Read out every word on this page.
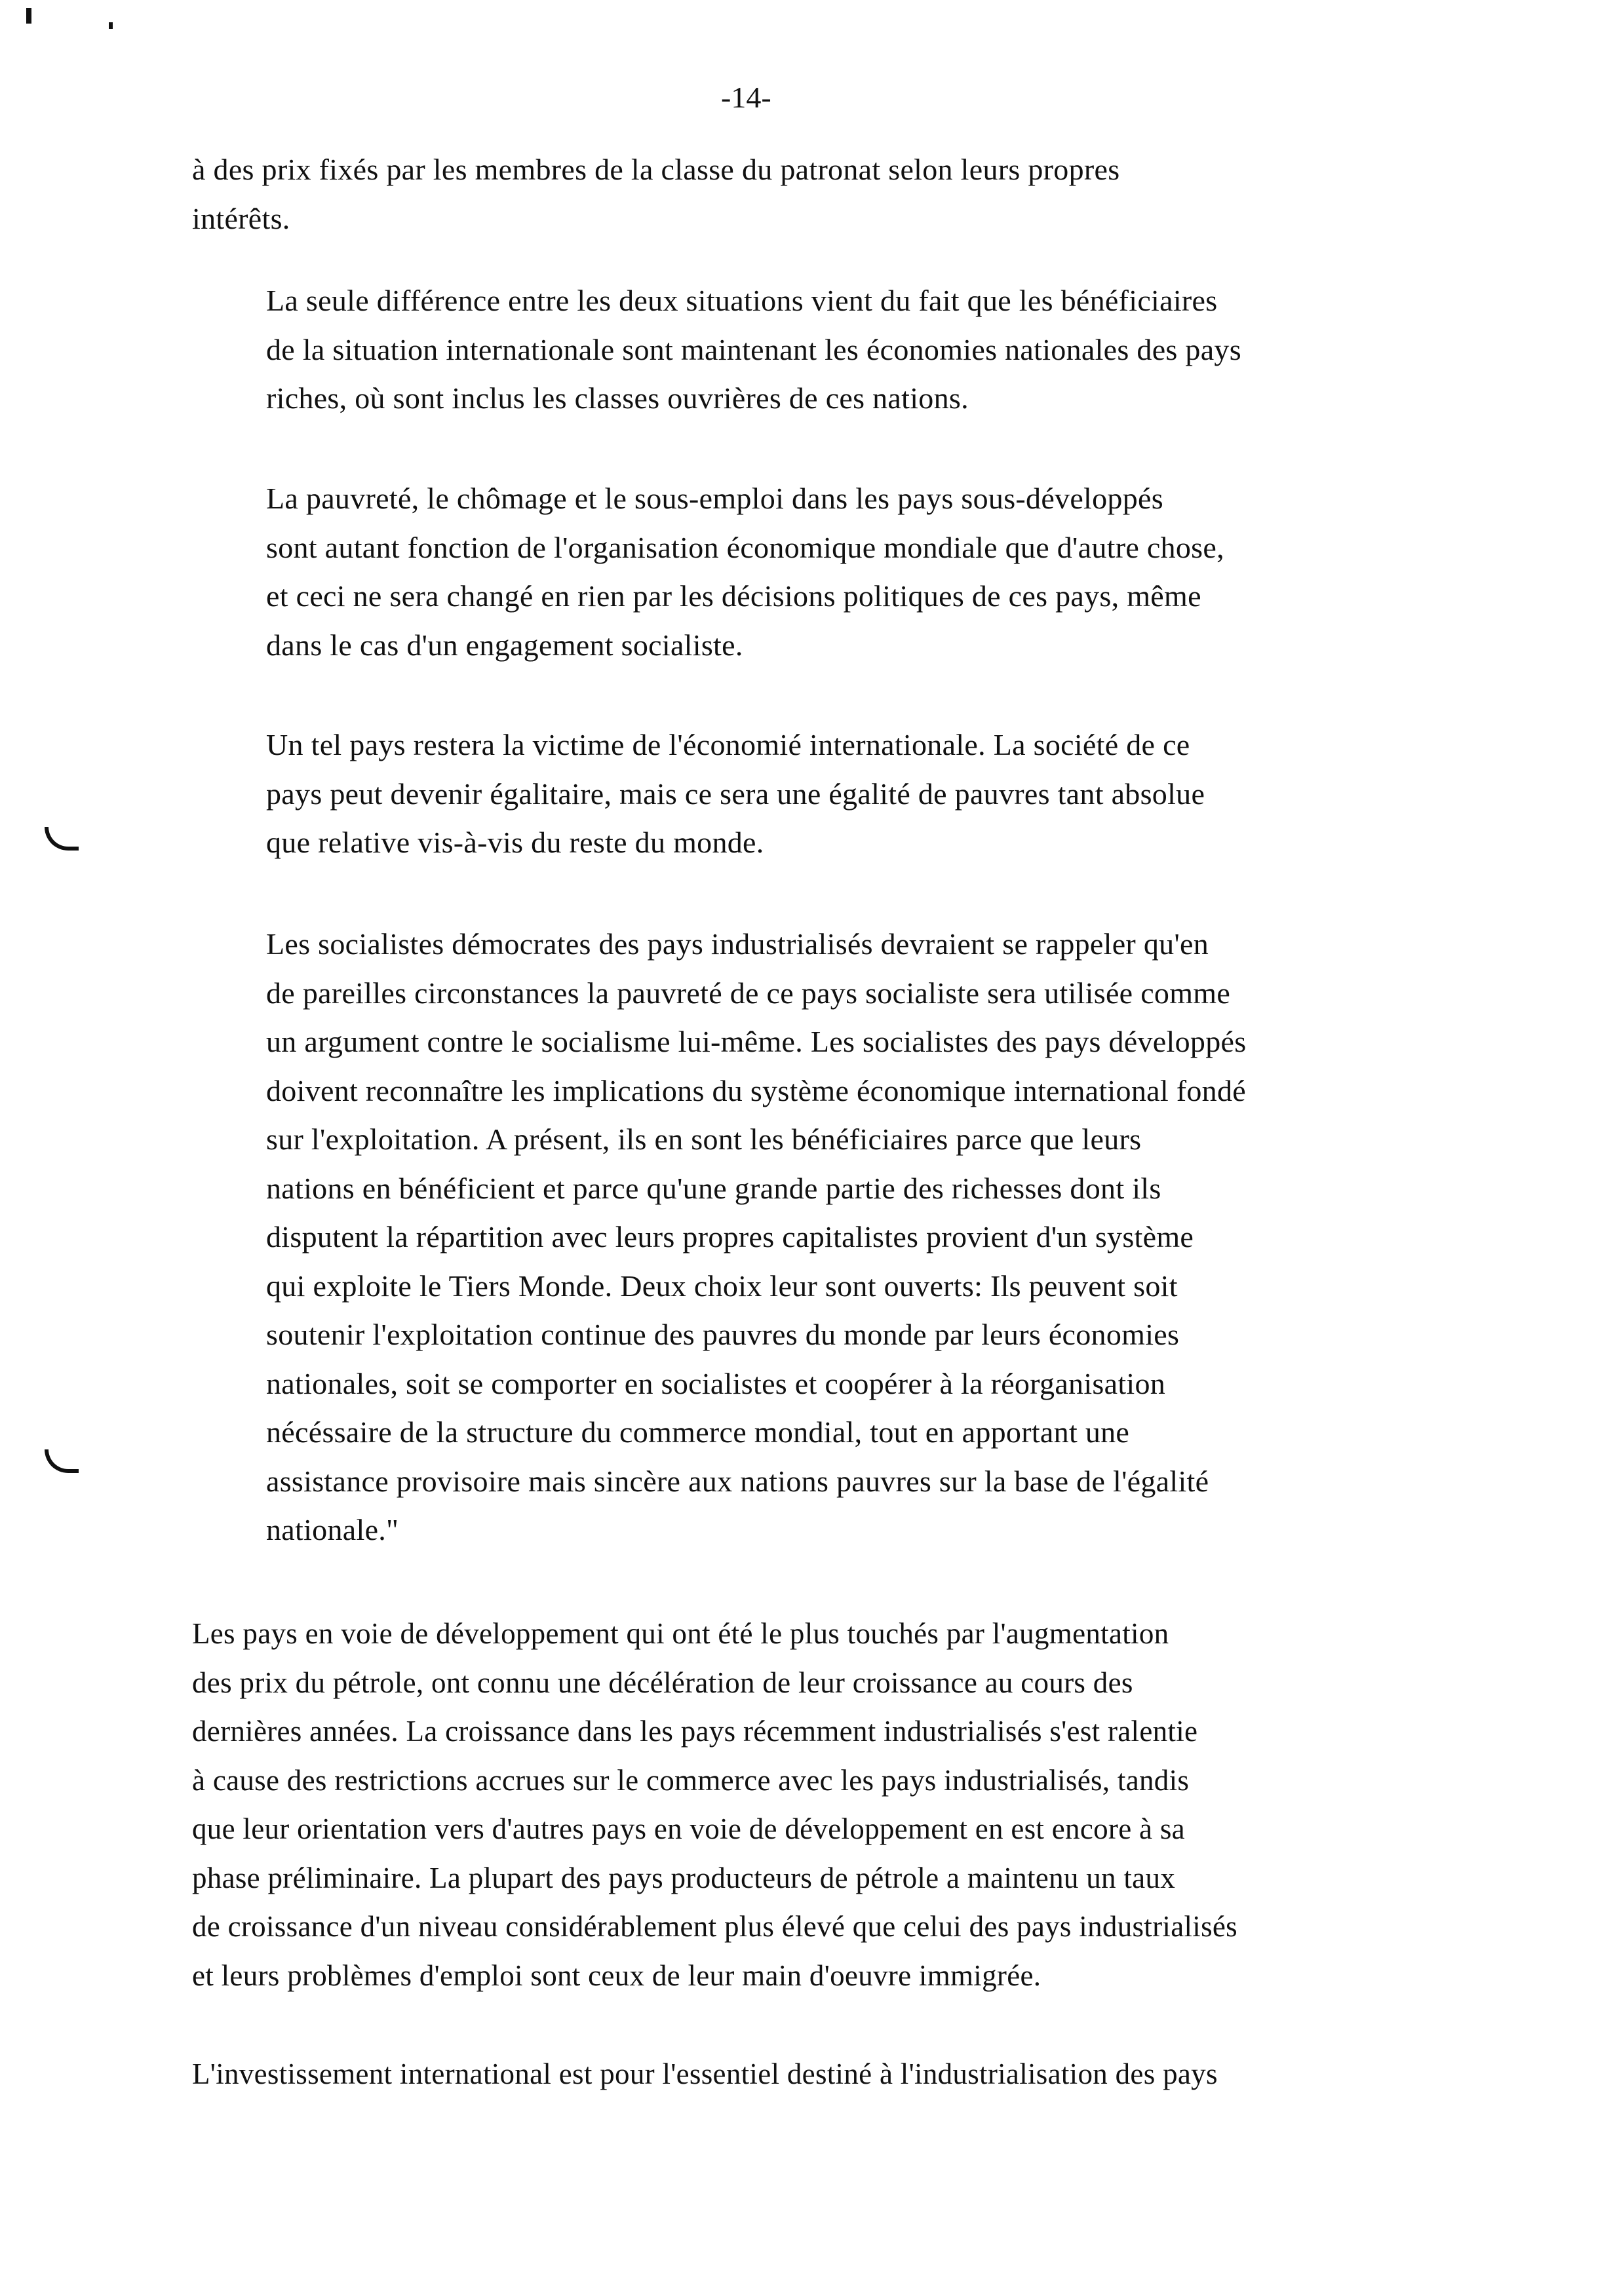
-14-
à des prix fixés par les membres de la classe du patronat selon leurs propres
intérêts.
La seule différence entre les deux situations vient du fait que les bénéficiaires
de la situation internationale sont maintenant les économies nationales des pays
riches, où sont inclus les classes ouvrières de ces nations.
La pauvreté, le chômage et le sous-emploi dans les pays sous-développés
sont autant fonction de l'organisation économique mondiale que d'autre chose,
et ceci ne sera changé en rien par les décisions politiques de ces pays, même
dans le cas d'un engagement socialiste.
Un tel pays restera la victime de l'économié internationale. La société de ce
pays peut devenir égalitaire, mais ce sera une égalité de pauvres tant absolue
que relative vis-à-vis du reste du monde.
Les socialistes démocrates des pays industrialisés devraient se rappeler qu'en
de pareilles circonstances la pauvreté de ce pays socialiste sera utilisée comme
un argument contre le socialisme lui-même. Les socialistes des pays développés
doivent reconnaître les implications du système économique international fondé
sur l'exploitation. A présent, ils en sont les bénéficiaires parce que leurs
nations en bénéficient et parce qu'une grande partie des richesses dont ils
disputent la répartition avec leurs propres capitalistes provient d'un système
qui exploite le Tiers Monde. Deux choix leur sont ouverts: Ils peuvent soit
soutenir l'exploitation continue des pauvres du monde par leurs économies
nationales, soit se comporter en socialistes et coopérer à la réorganisation
nécéssaire de la structure du commerce mondial, tout en apportant une
assistance provisoire mais sincère aux nations pauvres sur la base de l'égalité
nationale."
Les pays en voie de développement qui ont été le plus touchés par l'augmentation
des prix du pétrole, ont connu une décélération de leur croissance au cours des
dernières années. La croissance dans les pays récemment industrialisés s'est ralentie
à cause des restrictions accrues sur le commerce avec les pays industrialisés, tandis
que leur orientation vers d'autres pays en voie de développement en est encore à sa
phase préliminaire. La plupart des pays producteurs de pétrole a maintenu un taux
de croissance d'un niveau considérablement plus élevé que celui des pays industrialisés
et leurs problèmes d'emploi sont ceux de leur main d'oeuvre immigrée.
L'investissement international est pour l'essentiel destiné à l'industrialisation des pays
